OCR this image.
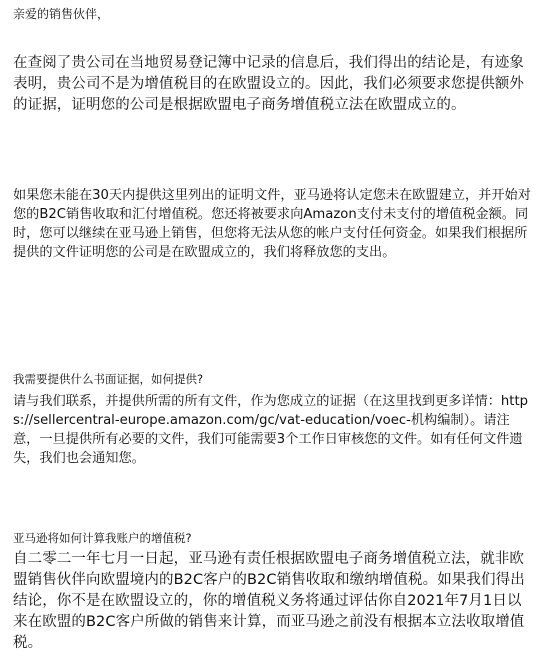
亲爱的销售伙伴，

在查阅了贵公司在当地贸易登记簿中记录的信息后，我们得出的结论是，有迹象表明，贵公司不是为增值税目的在欧盟设立的。因此，我们必须要求您提供额外的证据，证明您的公司是根据欧盟电子商务增值税立法在欧盟成立的。

如果您未能在30天内提供这里列出的证明文件，亚马逊将认定您未在欧盟建立，并开始对您的B2C销售收取和汇付增值税。您还将被要求向Amazon支付未支付的增值税金额。同时，您可以继续在亚马逊上销售，但您将无法从您的帐户支付任何资金。如果我们根据所提供的文件证明您的公司是在欧盟成立的，我们将释放您的支出。

我需要提供什么书面证据，如何提供?

请与我们联系，并提供所需的所有文件，作为您成立的证据（在这里找到更多详情：https://sellercentral-europe.amazon.com/gc/vat-education/voec-机构编制）。请注意，一旦提供所有必要的文件，我们可能需要3个工作日审核您的文件。如有任何文件遗失，我们也会通知您。

亚马逊将如何计算我账户的增值税?

自二零二一年七月一日起，亚马逊有责任根据欧盟电子商务增值税立法，就非欧盟销售伙伴向欧盟境内的B2C客户的B2C销售收取和缴纳增值税。如果我们得出结论，你不是在欧盟设立的，你的增值税义务将通过评估你自2021年7月1日以来在欧盟的B2C客户所做的销售来计算，而亚马逊之前没有根据本立法收取增值税。
